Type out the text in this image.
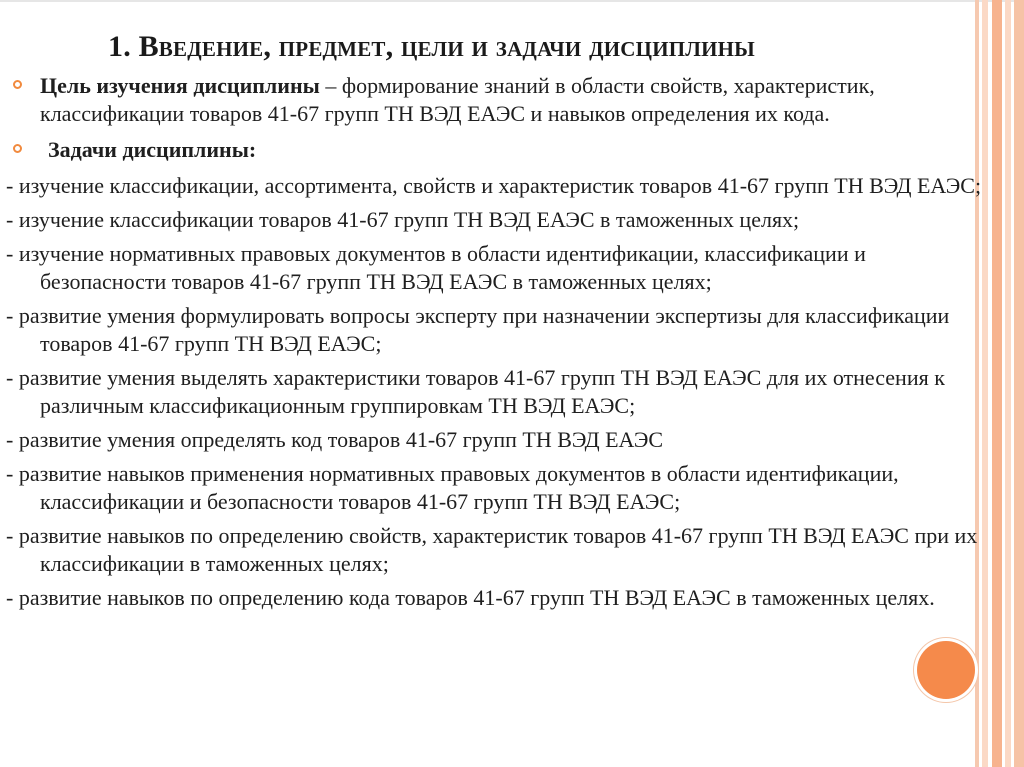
1. Введение, предмет, цели и задачи дисциплины
Цель изучения дисциплины – формирование знаний в области свойств, характеристик, классификации товаров 41-67 групп ТН ВЭД ЕАЭС и навыков определения их кода.
Задачи дисциплины:
- изучение классификации, ассортимента, свойств и характеристик товаров 41-67 групп ТН ВЭД ЕАЭС;
- изучение классификации товаров 41-67 групп ТН ВЭД ЕАЭС в таможенных целях;
- изучение нормативных правовых документов в области идентификации, классификации и безопасности товаров 41-67 групп ТН ВЭД ЕАЭС в таможенных целях;
- развитие умения формулировать вопросы эксперту при назначении экспертизы для классификации товаров 41-67 групп ТН ВЭД ЕАЭС;
- развитие умения выделять характеристики товаров 41-67 групп ТН ВЭД ЕАЭС для их отнесения к различным классификационным группировкам ТН ВЭД ЕАЭС;
- развитие умения определять код товаров 41-67 групп ТН ВЭД ЕАЭС
- развитие навыков применения нормативных правовых документов в области идентификации, классификации и безопасности товаров 41-67 групп ТН ВЭД ЕАЭС;
- развитие навыков по определению свойств, характеристик товаров 41-67 групп ТН ВЭД ЕАЭС при их классификации в таможенных целях;
- развитие навыков по определению кода товаров 41-67 групп ТН ВЭД ЕАЭС в таможенных целях.
